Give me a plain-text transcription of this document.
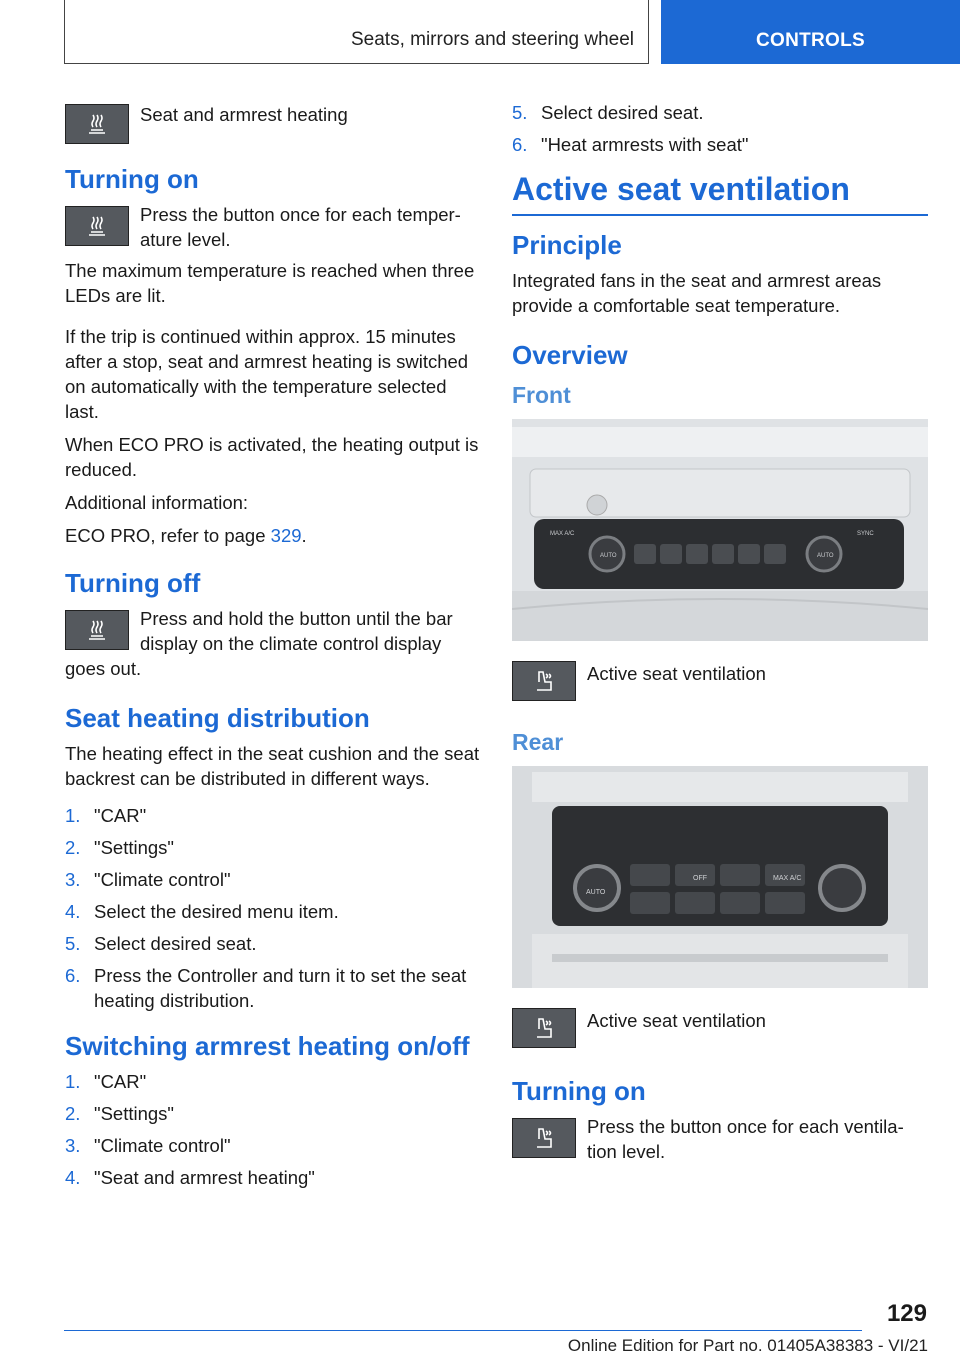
Seats, mirrors and steering wheel	CONTROLS

Seat and armrest heating

Turning on

Press the button once for each temper‐ature level.

The maximum temperature is reached when three LEDs are lit.

If the trip is continued within approx. 15 minutes after a stop, seat and armrest heating is switched on automatically with the temperature selected last.

When ECO PRO is activated, the heating output is reduced.

Additional information:

ECO PRO, refer to page 329.

Turning off

Press and hold the button until the bar display on the climate control display goes out.

Seat heating distribution

The heating effect in the seat cushion and the seat backrest can be distributed in different ways.

1. "CAR"
2. "Settings"
3. "Climate control"
4. Select the desired menu item.
5. Select desired seat.
6. Press the Controller and turn it to set the seat heating distribution.
Switching armrest heating on/off
1. "CAR"
2. "Settings"
3. "Climate control"
4. "Seat and armrest heating"
5. Select desired seat.
6. "Heat armrests with seat"
Active seat ventilation
Principle

Integrated fans in the seat and armrest areas provide a comfortable seat temperature.

Overview
Front
MAX A/C
AUTO
SYNC
AUTO

Active seat ventilation

Rear
AUTO
OFF	MAX A/C

Active seat ventilation

Turning on

Press the button once for each ventila‐tion level.

129
Online Edition for Part no. 01405A38383 - VI/21
